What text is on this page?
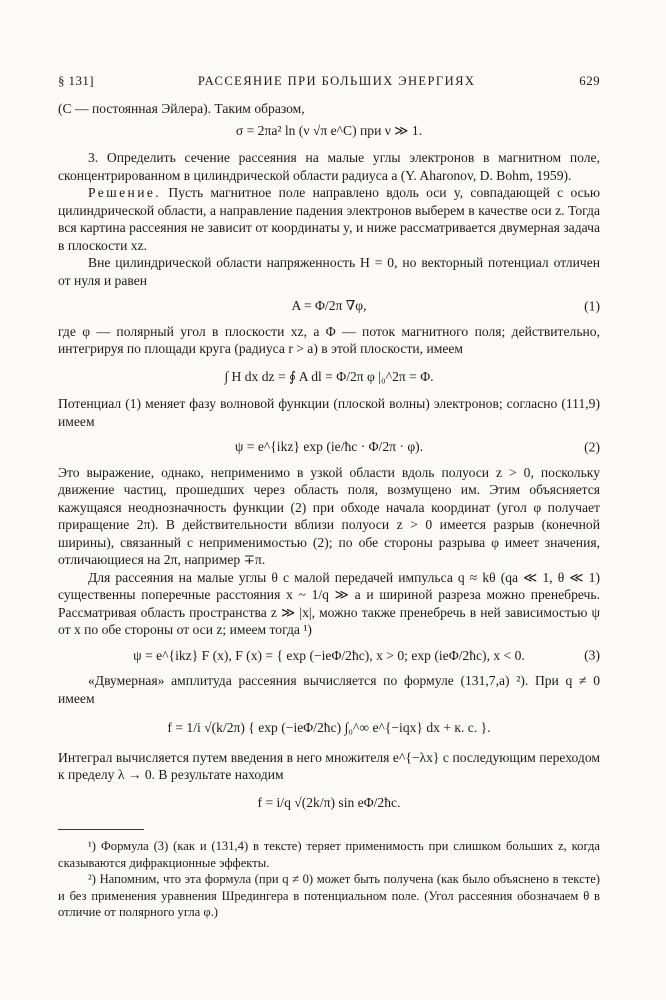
§ 131]	РАССЕЯНИЕ ПРИ БОЛЬШИХ ЭНЕРГИЯХ	629

(C — постоянная Эйлера). Таким образом,

σ = 2πa² ln (ν √π e^C) при ν ≫ 1.

3. Определить сечение рассеяния на малые углы электронов в магнитном поле, сконцентрированном в цилиндрической области радиуса a (Y. Aharonov, D. Bohm, 1959).

Решение. Пусть магнитное поле направлено вдоль оси y, совпадающей с осью цилиндрической области, а направление падения электронов выберем в качестве оси z. Тогда вся картина рассеяния не зависит от координаты y, и ниже рассматривается двумерная задача в плоскости xz.

Вне цилиндрической области напряженность H = 0, но векторный потенциал отличен от нуля и равен

A = Φ/2π ∇φ,	(1)

где φ — полярный угол в плоскости xz, а Φ — поток магнитного поля; действительно, интегрируя по площади круга (радиуса r > a) в этой плоскости, имеем

∫ H dx dz = ∮ A dl = Φ/2π φ |₀^2π = Φ.

Потенциал (1) меняет фазу волновой функции (плоской волны) электронов; согласно (111,9) имеем

ψ = e^{ikz} exp (ie/ħc · Φ/2π · φ).	(2)

Это выражение, однако, неприменимо в узкой области вдоль полуоси z > 0, поскольку движение частиц, прошедших через область поля, возмущено им. Этим объясняется кажущаяся неоднозначность функции (2) при обходе начала координат (угол φ получает приращение 2π). В действительности вблизи полуоси z > 0 имеется разрыв (конечной ширины), связанный с неприменимостью (2); по обе стороны разрыва φ имеет значения, отличающиеся на 2π, например ∓π.

Для рассеяния на малые углы θ с малой передачей импульса q ≈ kθ (qa ≪ 1, θ ≪ 1) существенны поперечные расстояния x ~ 1/q ≫ a и шириной разреза можно пренебречь. Рассматривая область пространства z ≫ |x|, можно также пренебречь в ней зависимостью ψ от x по обе стороны от оси z; имеем тогда ¹)

ψ = e^{ikz} F (x), F (x) = { exp (−ieΦ/2ħc), x > 0; exp (ieΦ/2ħc), x < 0.	(3)

«Двумерная» амплитуда рассеяния вычисляется по формуле (131,7,а) ²). При q ≠ 0 имеем

f = 1/i √(k/2π) { exp (−ieΦ/2ħc) ∫₀^∞ e^{−iqx} dx + к. с. }.

Интеграл вычисляется путем введения в него множителя e^{−λx} с последующим переходом к пределу λ → 0. В результате находим

f = i/q √(2k/π) sin eΦ/2ħc.

¹) Формула (3) (как и (131,4) в тексте) теряет применимость при слишком больших z, когда сказываются дифракционные эффекты.

²) Напомним, что эта формула (при q ≠ 0) может быть получена (как было объяснено в тексте) и без применения уравнения Шредингера в потенциальном поле. (Угол рассеяния обозначаем θ в отличие от полярного угла φ.)
